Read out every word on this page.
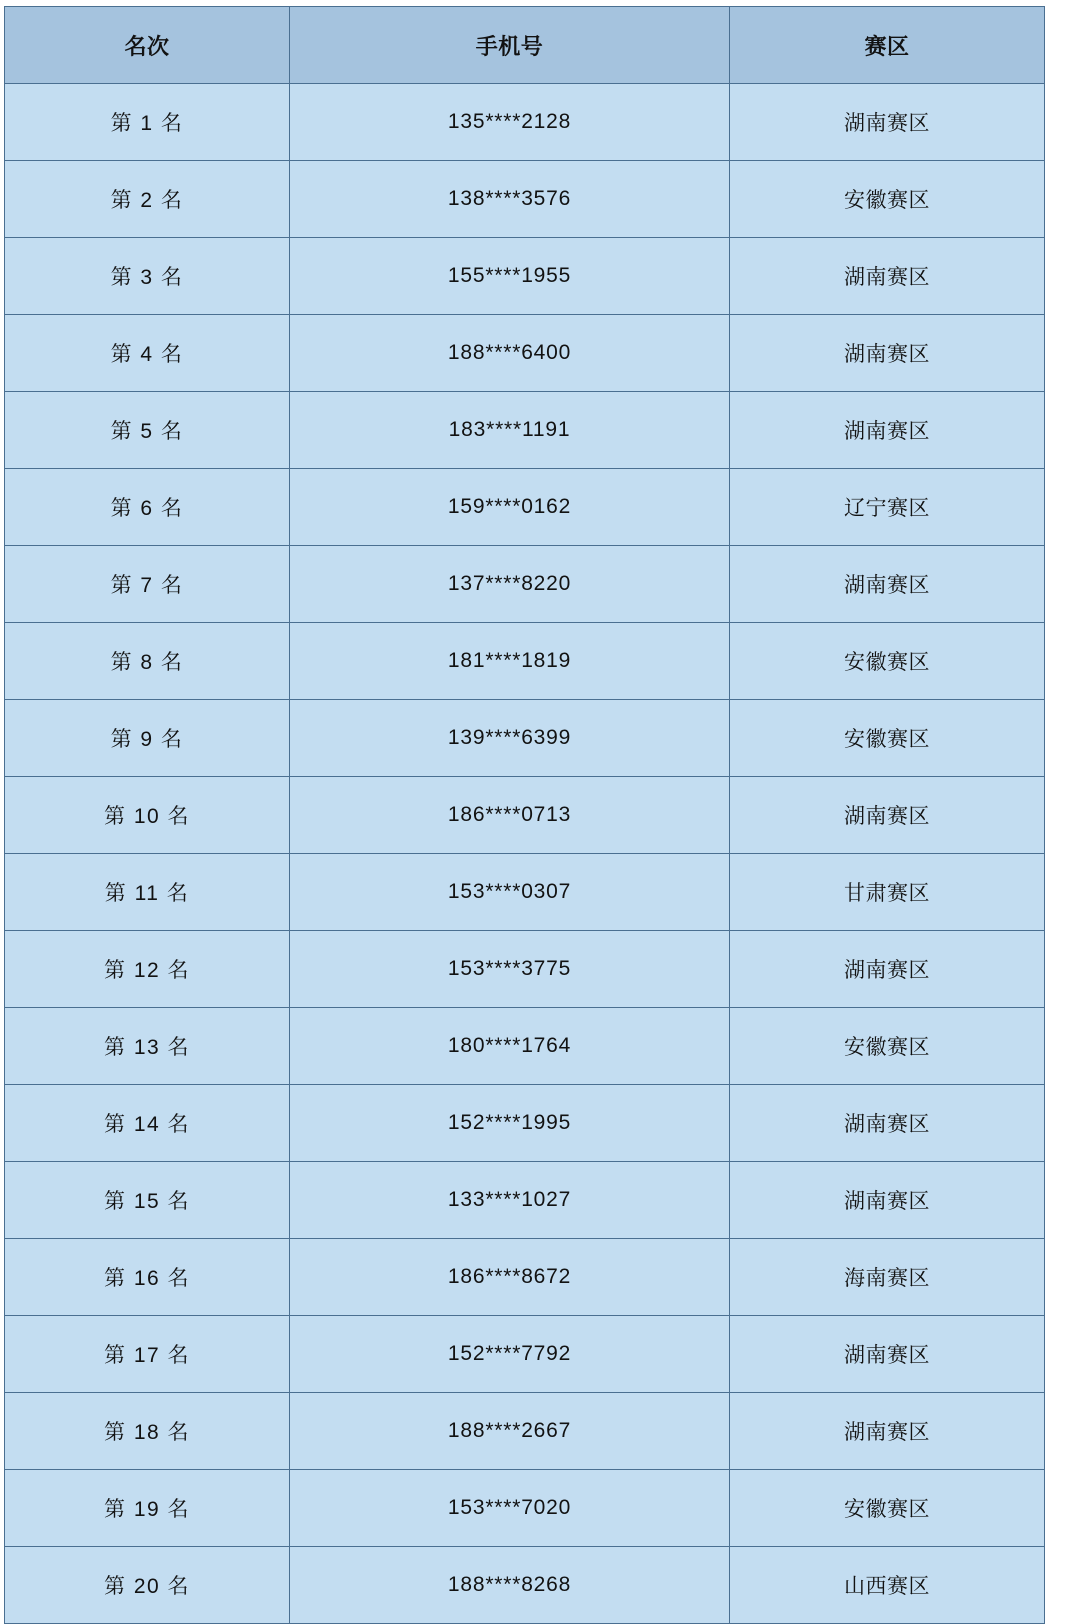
名次	手机号	赛区
第 1 名	135****2128	湖南赛区
第 2 名	138****3576	安徽赛区
第 3 名	155****1955	湖南赛区
第 4 名	188****6400	湖南赛区
第 5 名	183****1191	湖南赛区
第 6 名	159****0162	辽宁赛区
第 7 名	137****8220	湖南赛区
第 8 名	181****1819	安徽赛区
第 9 名	139****6399	安徽赛区
第 10 名	186****0713	湖南赛区
第 11 名	153****0307	甘肃赛区
第 12 名	153****3775	湖南赛区
第 13 名	180****1764	安徽赛区
第 14 名	152****1995	湖南赛区
第 15 名	133****1027	湖南赛区
第 16 名	186****8672	海南赛区
第 17 名	152****7792	湖南赛区
第 18 名	188****2667	湖南赛区
第 19 名	153****7020	安徽赛区
第 20 名	188****8268	山西赛区
